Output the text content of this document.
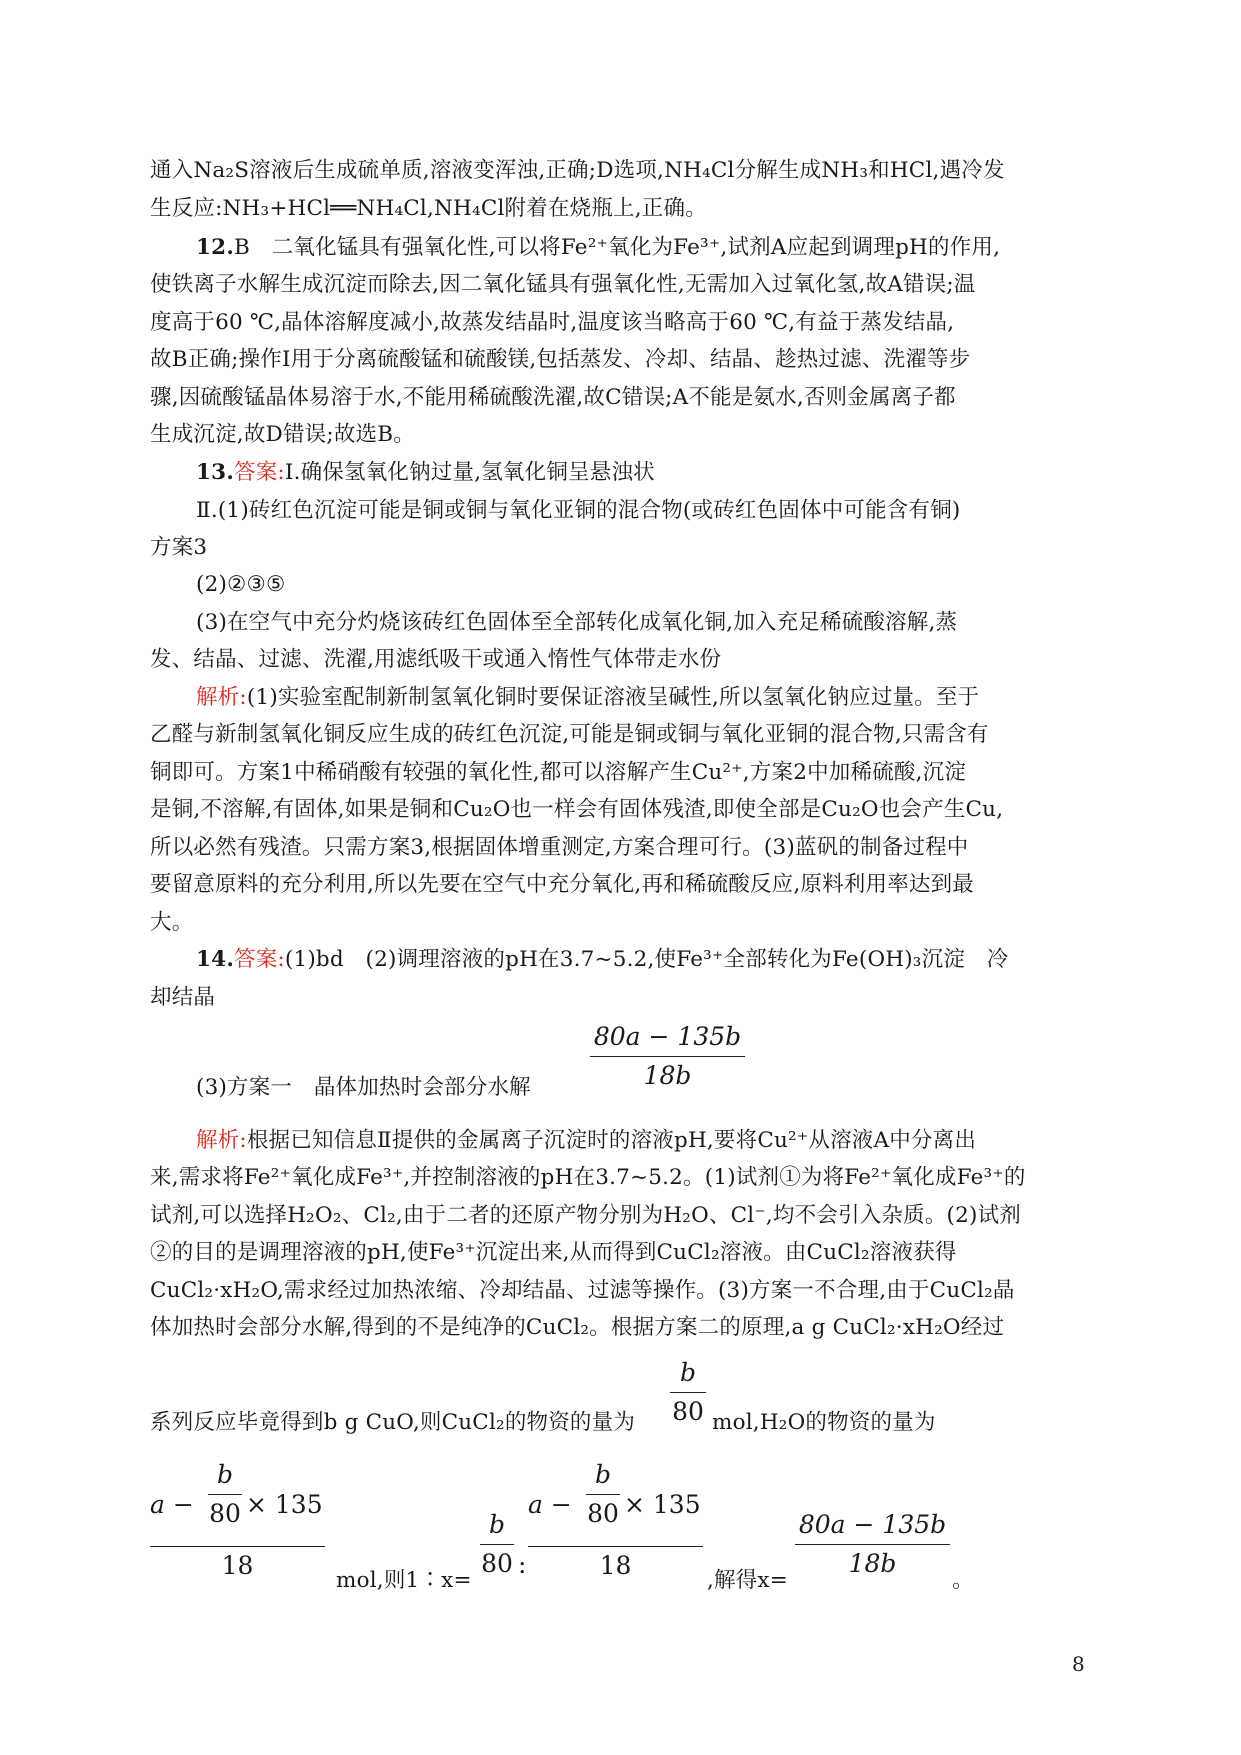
通入Na₂S溶液后生成硫单质,溶液变浑浊,正确;D选项,NH₄Cl分解生成NH₃和HCl,遇冷发
生反应:NH₃+HCl══NH₄Cl,NH₄Cl附着在烧瓶上,正确。
12.B　二氧化锰具有强氧化性,可以将Fe²⁺氧化为Fe³⁺,试剂A应起到调理pH的作用,
使铁离子水解生成沉淀而除去,因二氧化锰具有强氧化性,无需加入过氧化氢,故A错误;温
度高于60 ℃,晶体溶解度减小,故蒸发结晶时,温度该当略高于60 ℃,有益于蒸发结晶,
故B正确;操作Ⅰ用于分离硫酸锰和硫酸镁,包括蒸发、冷却、结晶、趁热过滤、洗濯等步
骤,因硫酸锰晶体易溶于水,不能用稀硫酸洗濯,故C错误;A不能是氨水,否则金属离子都
生成沉淀,故D错误;故选B。
13.答案:Ⅰ.确保氢氧化钠过量,氢氧化铜呈悬浊状
Ⅱ.(1)砖红色沉淀可能是铜或铜与氧化亚铜的混合物(或砖红色固体中可能含有铜)
方案3
(2)②③⑤
(3)在空气中充分灼烧该砖红色固体至全部转化成氧化铜,加入充足稀硫酸溶解,蒸
发、结晶、过滤、洗濯,用滤纸吸干或通入惰性气体带走水份
解析:(1)实验室配制新制氢氧化铜时要保证溶液呈碱性,所以氢氧化钠应过量。至于
乙醛与新制氢氧化铜反应生成的砖红色沉淀,可能是铜或铜与氧化亚铜的混合物,只需含有
铜即可。方案1中稀硝酸有较强的氧化性,都可以溶解产生Cu²⁺,方案2中加稀硫酸,沉淀
是铜,不溶解,有固体,如果是铜和Cu₂O也一样会有固体残渣,即使全部是Cu₂O也会产生Cu,
所以必然有残渣。只需方案3,根据固体增重测定,方案合理可行。(3)蓝矾的制备过程中
要留意原料的充分利用,所以先要在空气中充分氧化,再和稀硫酸反应,原料利用率达到最
大。
14.答案:(1)bd　(2)调理溶液的pH在3.7~5.2,使Fe³⁺全部转化为Fe(OH)₃沉淀　冷
却结晶
80a − 135b
18b
(3)方案一　晶体加热时会部分水解
解析:根据已知信息Ⅱ提供的金属离子沉淀时的溶液pH,要将Cu²⁺从溶液A中分离出
来,需求将Fe²⁺氧化成Fe³⁺,并控制溶液的pH在3.7~5.2。(1)试剂①为将Fe²⁺氧化成Fe³⁺的
试剂,可以选择H₂O₂、Cl₂,由于二者的还原产物分别为H₂O、Cl⁻,均不会引入杂质。(2)试剂
②的目的是调理溶液的pH,使Fe³⁺沉淀出来,从而得到CuCl₂溶液。由CuCl₂溶液获得
CuCl₂·xH₂O,需求经过加热浓缩、冷却结晶、过滤等操作。(3)方案一不合理,由于CuCl₂晶
体加热时会部分水解,得到的不是纯净的CuCl₂。根据方案二的原理,a g CuCl₂·xH₂O经过
系列反应毕竟得到b g CuO,则CuCl₂的物资的量为
b
80 mol,H₂O的物资的量为
a −
b
80 × 135
18
mol,则1∶x=
b
80 :
a −
b
80 × 135
18
,解得x=
80a − 135b
18b
。
8
